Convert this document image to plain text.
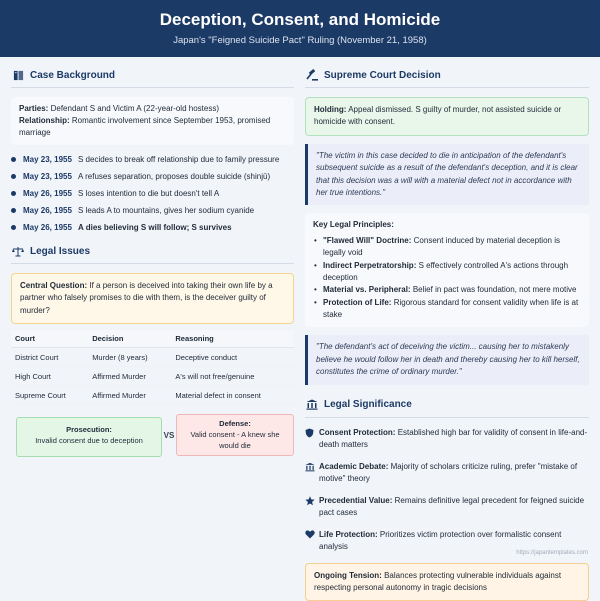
Deception, Consent, and Homicide

Japan's "Feigned Suicide Pact" Ruling (November 21, 1958)

Case Background
Parties: Defendant S and Victim A (22-year-old hostess)
Relationship: Romantic involvement since September 1953, promised marriage
May 23, 1955 S decides to break off relationship due to family pressure
May 23, 1955 A refuses separation, proposes double suicide (shinjū)
May 26, 1955 S loses intention to die but doesn't tell A
May 26, 1955 S leads A to mountains, gives her sodium cyanide
May 26, 1955 A dies believing S will follow; S survives
Legal Issues
Central Question: If a person is deceived into taking their own life by a partner who falsely promises to die with them, is the deceiver guilty of murder?
Court	Decision	Reasoning
District Court	Murder (8 years)	Deceptive conduct
High Court	Affirmed Murder	A's will not free/genuine
Supreme Court	Affirmed Murder	Material defect in consent
Prosecution:
Invalid consent due to deception
VS
Defense:
Valid consent - A knew she would die
Supreme Court Decision
Holding: Appeal dismissed. S guilty of murder, not assisted suicide or homicide with consent.
"The victim in this case decided to die in anticipation of the defendant's subsequent suicide as a result of the defendant's deception, and it is clear that this decision was a will with a material defect not in accordance with her true intentions."
Key Legal Principles:
• "Flawed Will" Doctrine: Consent induced by material deception is legally void
• Indirect Perpetratorship: S effectively controlled A's actions through deception
• Material vs. Peripheral: Belief in pact was foundation, not mere motive
• Protection of Life: Rigorous standard for consent validity when life is at stake
"The defendant's act of deceiving the victim... causing her to mistakenly believe he would follow her in death and thereby causing her to kill herself, constitutes the crime of ordinary murder."
Legal Significance
Consent Protection: Established high bar for validity of consent in life-and-death matters
Academic Debate: Majority of scholars criticize ruling, prefer "mistake of motive" theory
Precedential Value: Remains definitive legal precedent for feigned suicide pact cases
Life Protection: Prioritizes victim protection over formalistic consent analysis
Ongoing Tension: Balances protecting vulnerable individuals against respecting personal autonomy in tragic decisions
https://japantemplates.com
